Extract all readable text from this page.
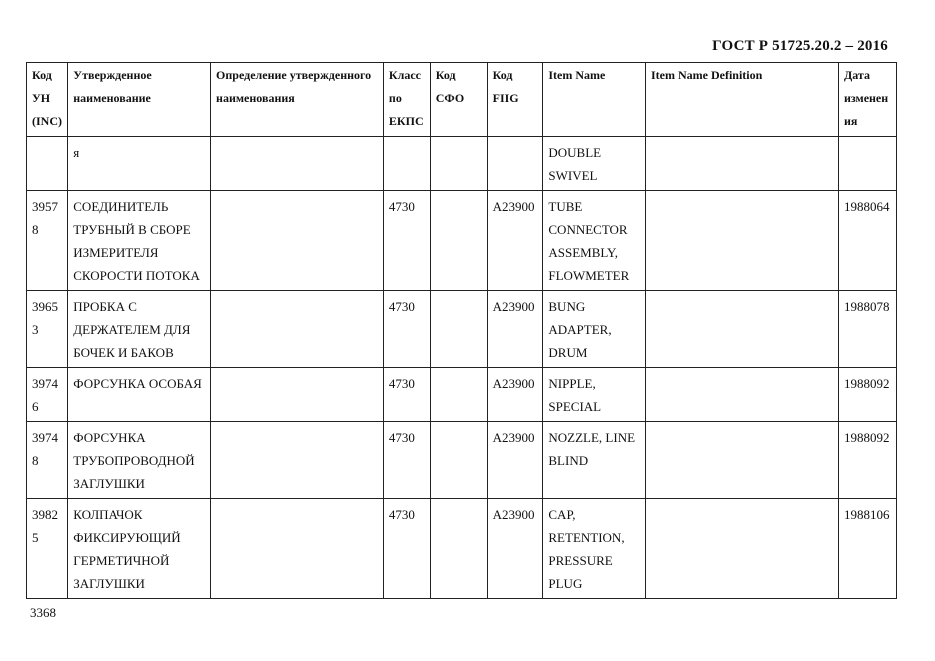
ГОСТ Р 51725.20.2 – 2016
Код УН (INC)	Утвержденное наименование	Определение утвержденного наименования	Класс по ЕКПС	Код СФО	Код FIIG	Item Name	Item Name Definition	Дата изменения
	я					DOUBLE SWIVEL		
39578	СОЕДИНИТЕЛЬ ТРУБНЫЙ В СБОРЕ ИЗМЕРИТЕЛЯ СКОРОСТИ ПОТОКА		4730		A23900	TUBE CONNECTOR ASSEMBLY, FLOWMETER		1988064
39653	ПРОБКА С ДЕРЖАТЕЛЕМ ДЛЯ БОЧЕК И БАКОВ		4730		A23900	BUNG ADAPTER, DRUM		1988078
39746	ФОРСУНКА ОСОБАЯ		4730		A23900	NIPPLE, SPECIAL		1988092
39748	ФОРСУНКА ТРУБОПРОВОДНОЙ ЗАГЛУШКИ		4730		A23900	NOZZLE, LINE BLIND		1988092
39825	КОЛПАЧОК ФИКСИРУЮЩИЙ ГЕРМЕТИЧНОЙ ЗАГЛУШКИ		4730		A23900	CAP, RETENTION, PRESSURE PLUG		1988106
3368
